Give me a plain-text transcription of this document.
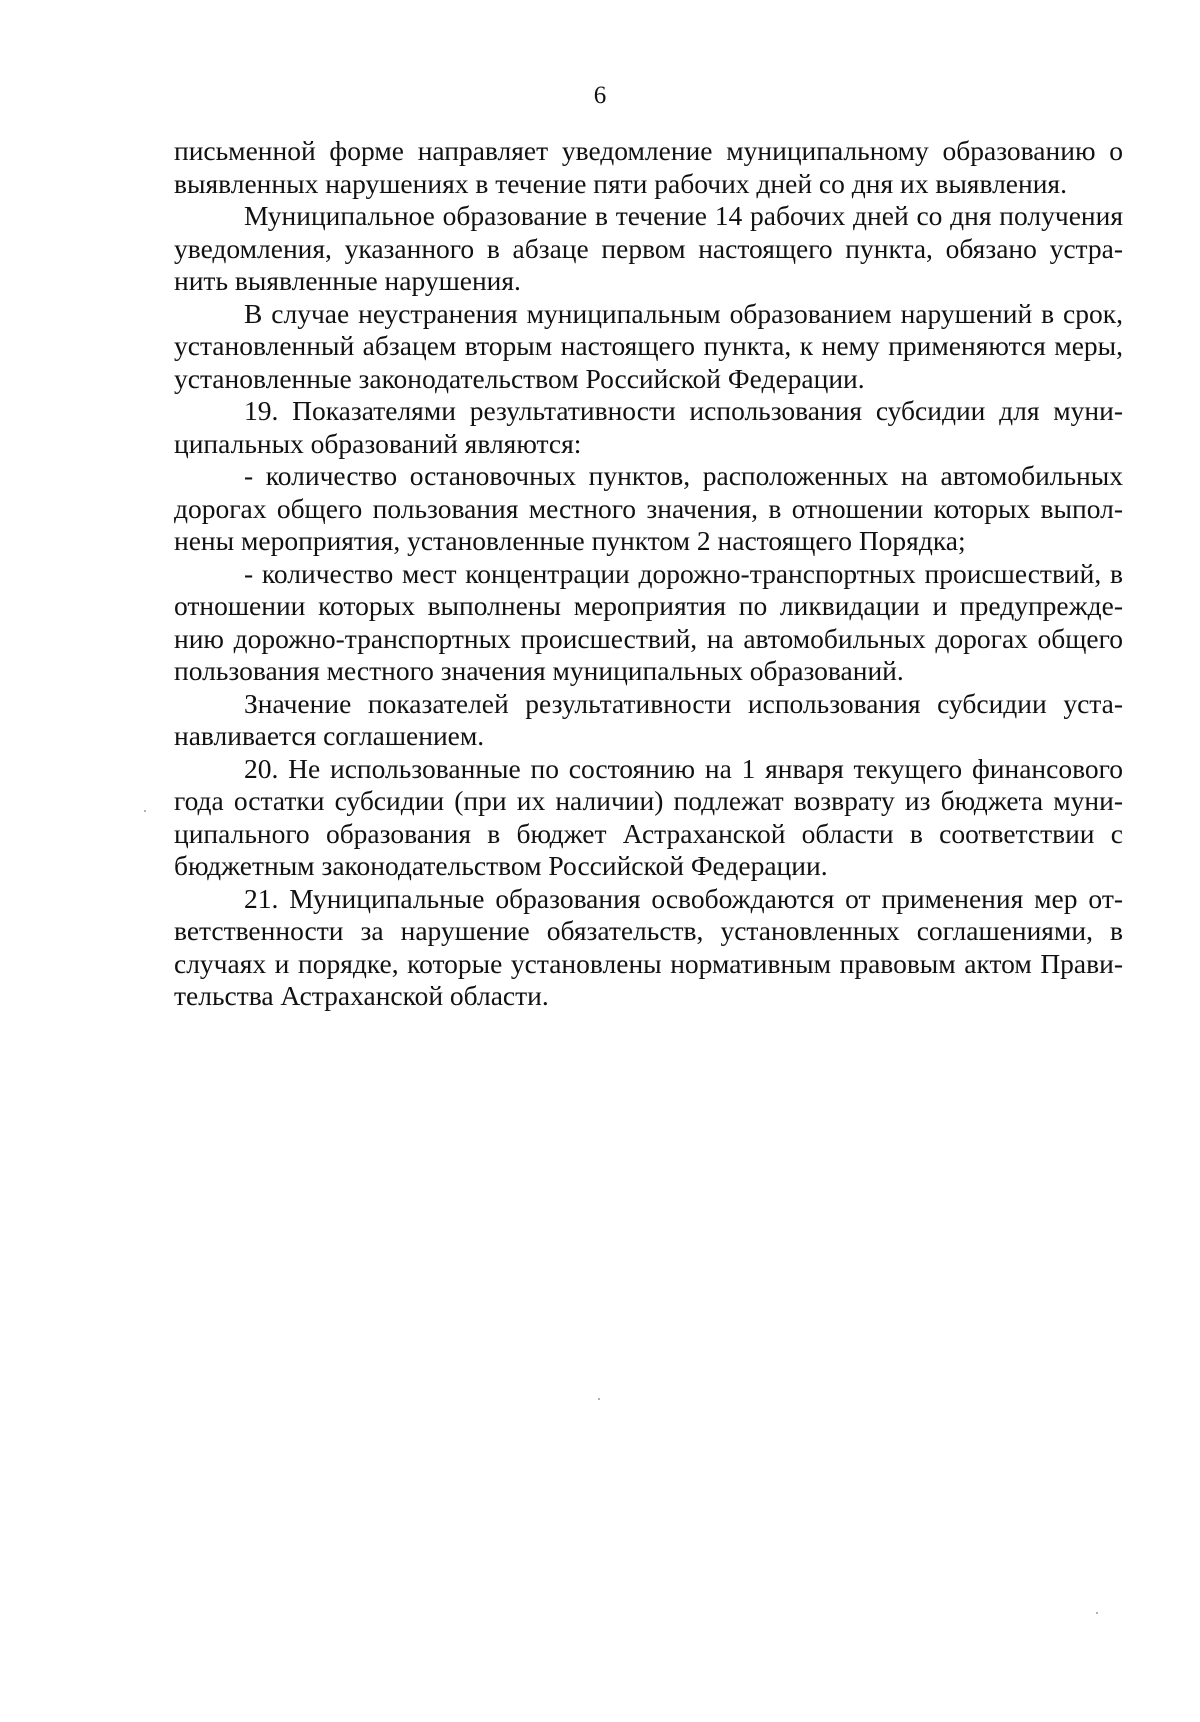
6
письменной форме направляет уведомление муниципальному образованию о
выявленных нарушениях в течение пяти рабочих дней со дня их выявления.
Муниципальное образование в течение 14 рабочих дней со дня получения
уведомления, указанного в абзаце первом настоящего пункта, обязано устра-
нить выявленные нарушения.
В случае неустранения муниципальным образованием нарушений в срок,
установленный абзацем вторым настоящего пункта, к нему применяются меры,
установленные законодательством Российской Федерации.
19. Показателями результативности использования субсидии для муни-
ципальных образований являются:
- количество остановочных пунктов, расположенных на автомобильных
дорогах общего пользования местного значения, в отношении которых выпол-
нены мероприятия, установленные пунктом 2 настоящего Порядка;
- количество мест концентрации дорожно-транспортных происшествий, в
отношении которых выполнены мероприятия по ликвидации и предупрежде-
нию дорожно-транспортных происшествий, на автомобильных дорогах общего
пользования местного значения муниципальных образований.
Значение показателей результативности использования субсидии уста-
навливается соглашением.
20. Не использованные по состоянию на 1 января текущего финансового
года остатки субсидии (при их наличии) подлежат возврату из бюджета муни-
ципального образования в бюджет Астраханской области в соответствии с
бюджетным законодательством Российской Федерации.
21. Муниципальные образования освобождаются от применения мер от-
ветственности за нарушение обязательств, установленных соглашениями, в
случаях и порядке, которые установлены нормативным правовым актом Прави-
тельства Астраханской области.
